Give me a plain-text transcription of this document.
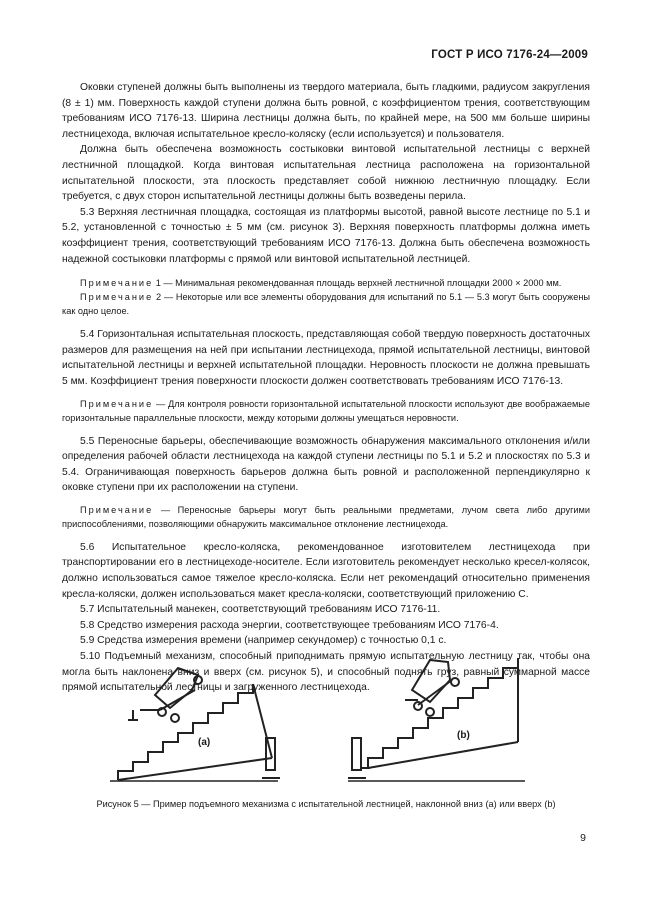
ГОСТ Р ИСО 7176-24—2009

Оковки ступеней должны быть выполнены из твердого материала, быть гладкими, радиусом закругления (8 ± 1) мм. Поверхность каждой ступени должна быть ровной, с коэффициентом трения, соответствующим требованиям ИСО 7176-13. Ширина лестницы должна быть, по крайней мере, на 500 мм больше ширины лестницехода, включая испытательное кресло-коляску (если используется) и пользователя.

Должна быть обеспечена возможность состыковки винтовой испытательной лестницы с верхней лестничной площадкой. Когда винтовая испытательная лестница расположена на горизонтальной испытательной плоскости, эта плоскость представляет собой нижнюю лестничную площадку. Если требуется, с двух сторон испытательной лестницы должны быть возведены перила.

5.3 Верхняя лестничная площадка, состоящая из платформы высотой, равной высоте лестнице по 5.1 и 5.2, установленной с точностью ± 5 мм (см. рисунок 3). Верхняя поверхность платформы должна иметь коэффициент трения, соответствующий требованиям ИСО 7176-13. Должна быть обеспечена возможность надежной состыковки платформы с прямой или винтовой испытательной лестницей.

Примечание 1 — Минимальная рекомендованная площадь верхней лестничной площадки 2000 × 2000 мм.

Примечание 2 — Некоторые или все элементы оборудования для испытаний по 5.1 — 5.3 могут быть сооружены как одно целое.

5.4 Горизонтальная испытательная плоскость, представляющая собой твердую поверхность достаточных размеров для размещения на ней при испытании лестницехода, прямой испытательной лестницы, винтовой испытательной лестницы и верхней испытательной площадки. Неровность плоскости не должна превышать 5 мм. Коэффициент трения поверхности плоскости должен соответствовать требованиям ИСО 7176-13.

Примечание — Для контроля ровности горизонтальной испытательной плоскости используют две воображаемые горизонтальные параллельные плоскости, между которыми должны умещаться неровности.

5.5 Переносные барьеры, обеспечивающие возможность обнаружения максимального отклонения и/или определения рабочей области лестницехода на каждой ступени лестницы по 5.1 и 5.2 и плоскостях по 5.3 и 5.4. Ограничивающая поверхность барьеров должна быть ровной и расположенной перпендикулярно к оковке ступени при их расположении на ступени.

Примечание — Переносные барьеры могут быть реальными предметами, лучом света либо другими приспособлениями, позволяющими обнаружить максимальное отклонение лестницехода.

5.6 Испытательное кресло-коляска, рекомендованное изготовителем лестницехода при транспортировании его в лестницеходе-носителе. Если изготовитель рекомендует несколько кресел-колясок, должно использоваться самое тяжелое кресло-коляска. Если нет рекомендаций относительно применения кресла-коляски, должен использоваться макет кресла-коляски, соответствующий приложению С.

5.7 Испытательный манекен, соответствующий требованиям ИСО 7176-11.

5.8 Средство измерения расхода энергии, соответствующее требованиям ИСО 7176-4.

5.9 Средства измерения времени (например секундомер) с точностью 0,1 с.

5.10 Подъемный механизм, способный приподнимать прямую испытательную лестницу так, чтобы она могла быть наклонена вниз и вверх (см. рисунок 5), и способный поднять груз, равный суммарной массе прямой испытательной лестницы и загруженного лестницехода.

(a)
(b)
Рисунок 5 — Пример подъемного механизма с испытательной лестницей, наклонной вниз (а) или вверх (b)
9
